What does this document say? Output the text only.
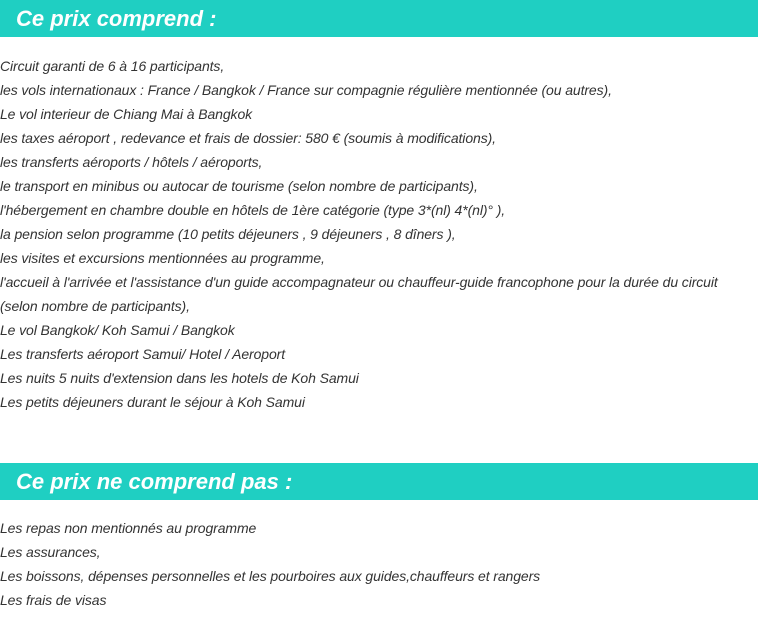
Ce prix comprend :
Circuit garanti de 6 à 16 participants,
les vols internationaux : France / Bangkok / France sur compagnie régulière mentionnée (ou autres),
Le vol interieur de Chiang Mai à Bangkok
les taxes aéroport , redevance et frais de dossier: 580 € (soumis à modifications),
les transferts aéroports / hôtels / aéroports,
le transport en minibus ou autocar de tourisme (selon nombre de participants),
l'hébergement en chambre double en hôtels de 1ère catégorie (type 3*(nl) 4*(nl)° ),
la pension selon programme (10 petits déjeuners , 9 déjeuners , 8 dîners ),
les visites et excursions mentionnées au programme,
l'accueil à l'arrivée et l'assistance d'un guide accompagnateur ou chauffeur-guide francophone pour la durée du circuit
(selon nombre de participants),
Le vol Bangkok/ Koh Samui / Bangkok
Les transferts aéroport Samui/ Hotel / Aeroport
Les nuits 5 nuits d'extension dans les hotels de Koh Samui
Les petits déjeuners durant le séjour à Koh Samui
Ce prix ne comprend pas :
Les repas non mentionnés au programme
Les assurances,
Les boissons, dépenses personnelles et les pourboires aux guides,chauffeurs et rangers
Les frais de visas
